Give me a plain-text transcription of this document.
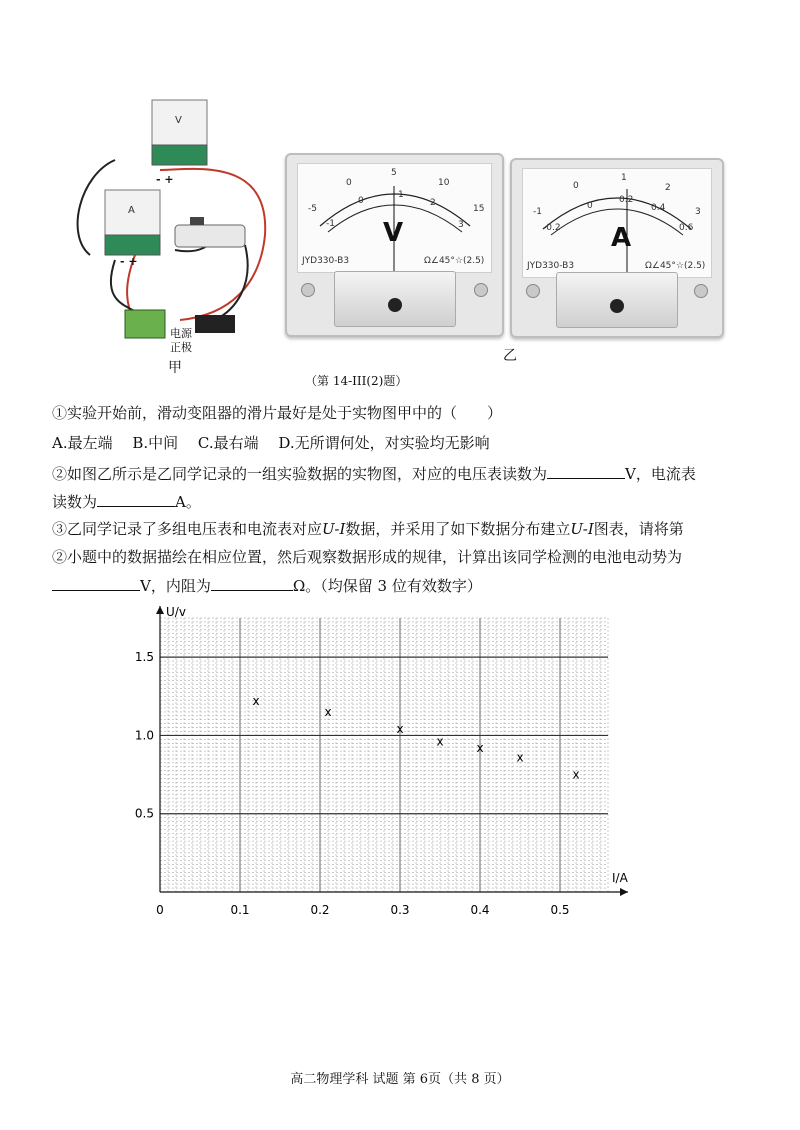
V
A
- +
- +
电源
正极
甲
-5
0
5
10
15
-1
0
1
2
3
V
JYD330-B3	Ω∠45°☆(2.5)
-1
0
1
2
3
-0.2
0
0.2
0.4
0.6
A
JYD330-B3	Ω∠45°☆(2.5)
乙
（第 14-III(2)题）
①实验开始前，滑动变阻器的滑片最好是处于实物图甲中的（　　）
A.最左端　 B.中间　 C.最右端　 D.无所谓何处，对实验均无影响
②如图乙所示是乙同学记录的一组实验数据的实物图，对应的电压表读数为	V，电流表
读数为	A。
③乙同学记录了多组电压表和电流表对应U-I数据，并采用了如下数据分布建立U-I图表，请将第
②小题中的数据描绘在相应位置，然后观察数据形成的规律，计算出该同学检测的电池电动势为
V，内阻为	Ω。（均保留 3 位有效数字）
0	0.1	0.2	0.3	0.4	0.5
0.5
1.0
1.5
I/A
U/v
x
x
x
x	x
x
x
高二物理学科 试题 第 6页（共 8 页）
